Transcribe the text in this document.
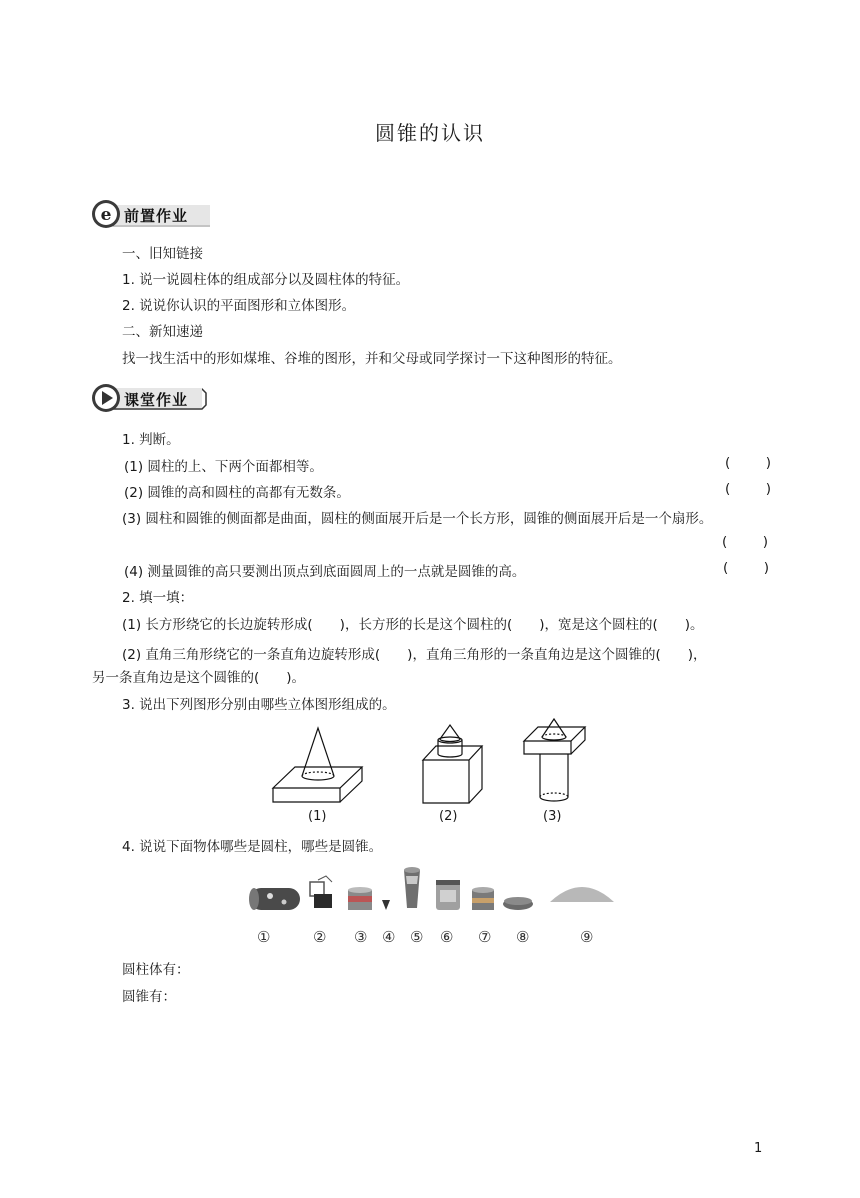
圆锥的认识
e 前置作业
一、旧知链接
1. 说一说圆柱体的组成部分以及圆柱体的特征。
2. 说说你认识的平面图形和立体图形。
二、新知速递
找一找生活中的形如煤堆、谷堆的图形，并和父母或同学探讨一下这种图形的特征。
课堂作业
1. 判断。
(1) 圆柱的上、下两个面都相等。	(	)
(2) 圆锥的高和圆柱的高都有无数条。	(	)
(3) 圆柱和圆锥的侧面都是曲面，圆柱的侧面展开后是一个长方形，圆锥的侧面展开后是一个扇形。
(	)
(4) 测量圆锥的高只要测出顶点到底面圆周上的一点就是圆锥的高。	(	)
2. 填一填：
(1) 长方形绕它的长边旋转形成(　　)，长方形的长是这个圆柱的(　　)，宽是这个圆柱的(　　)。
(2) 直角三角形绕它的一条直角边旋转形成(　　)，直角三角形的一条直角边是这个圆锥的(　　)，
另一条直角边是这个圆锥的(　　)。
3. 说出下列图形分别由哪些立体图形组成的。
(1)	(2)	(3)
4. 说说下面物体哪些是圆柱，哪些是圆锥。
①	② ③ ④ ⑤ ⑥ ⑦ ⑧	⑨
圆柱体有：
圆锥有：
1
